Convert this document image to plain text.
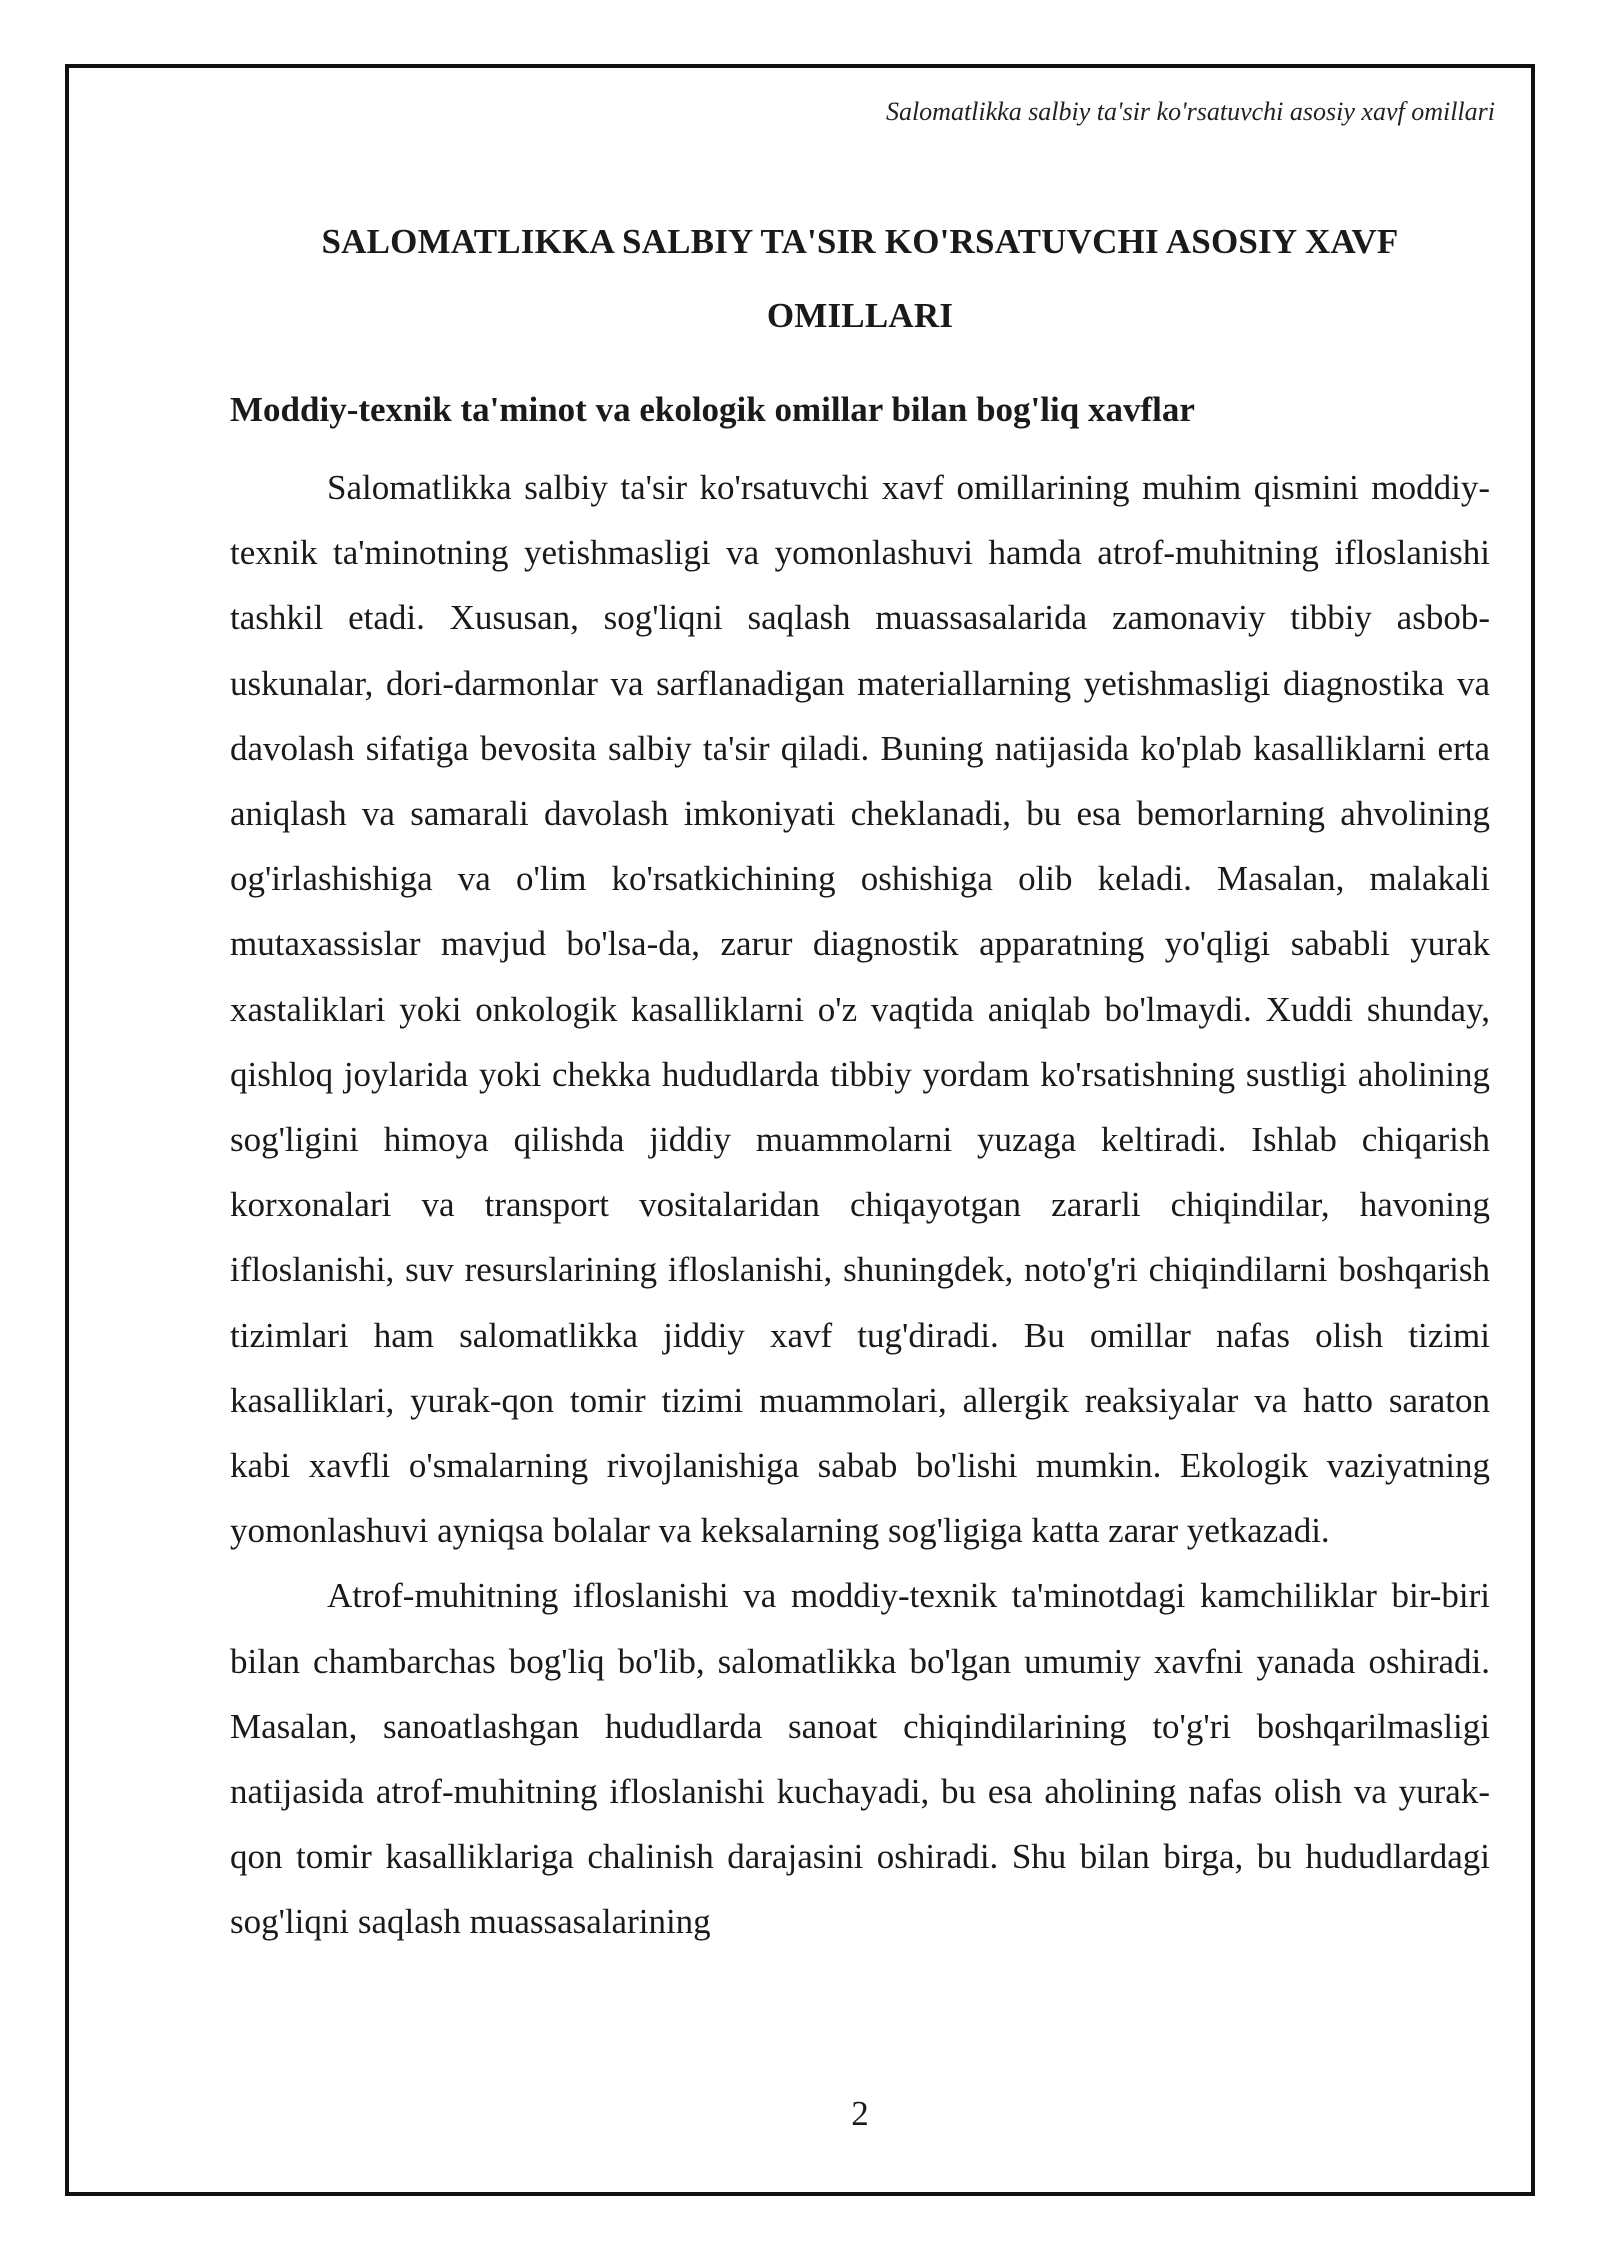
Salomatlikka salbiy ta'sir ko'rsatuvchi asosiy xavf omillari
SALOMATLIKKA SALBIY TA'SIR KO'RSATUVCHI ASOSIY XAVF OMILLARI
Moddiy-texnik ta'minot va ekologik omillar bilan bog'liq xavflar

Salomatlikka salbiy ta'sir ko'rsatuvchi xavf omillarining muhim qismini moddiy-texnik ta'minotning yetishmasligi va yomonlashuvi hamda atrof-muhitning ifloslanishi tashkil etadi. Xususan, sog'liqni saqlash muassasalarida zamonaviy tibbiy asbob-uskunalar, dori-darmonlar va sarflanadigan materiallarning yetishmasligi diagnostika va davolash sifatiga bevosita salbiy ta'sir qiladi. Buning natijasida ko'plab kasalliklarni erta aniqlash va samarali davolash imkoniyati cheklanadi, bu esa bemorlarning ahvolining og'irlashishiga va o'lim ko'rsatkichining oshishiga olib keladi. Masalan, malakali mutaxassislar mavjud bo'lsa-da, zarur diagnostik apparatning yo'qligi sababli yurak xastaliklari yoki onkologik kasalliklarni o'z vaqtida aniqlab bo'lmaydi. Xuddi shunday, qishloq joylarida yoki chekka hududlarda tibbiy yordam ko'rsatishning sustligi aholining sog'ligini himoya qilishda jiddiy muammolarni yuzaga keltiradi. Ishlab chiqarish korxonalari va transport vositalaridan chiqayotgan zararli chiqindilar, havoning ifloslanishi, suv resurslarining ifloslanishi, shuningdek, noto'g'ri chiqindilarni boshqarish tizimlari ham salomatlikka jiddiy xavf tug'diradi. Bu omillar nafas olish tizimi kasalliklari, yurak-qon tomir tizimi muammolari, allergik reaksiyalar va hatto saraton kabi xavfli o'smalarning rivojlanishiga sabab bo'lishi mumkin. Ekologik vaziyatning yomonlashuvi ayniqsa bolalar va keksalarning sog'ligiga katta zarar yetkazadi.

Atrof-muhitning ifloslanishi va moddiy-texnik ta'minotdagi kamchiliklar bir-biri bilan chambarchas bog'liq bo'lib, salomatlikka bo'lgan umumiy xavfni yanada oshiradi. Masalan, sanoatlashgan hududlarda sanoat chiqindilarining to'g'ri boshqarilmasligi natijasida atrof-muhitning ifloslanishi kuchayadi, bu esa aholining nafas olish va yurak-qon tomir kasalliklariga chalinish darajasini oshiradi. Shu bilan birga, bu hududlardagi sog'liqni saqlash muassasalarining

2
